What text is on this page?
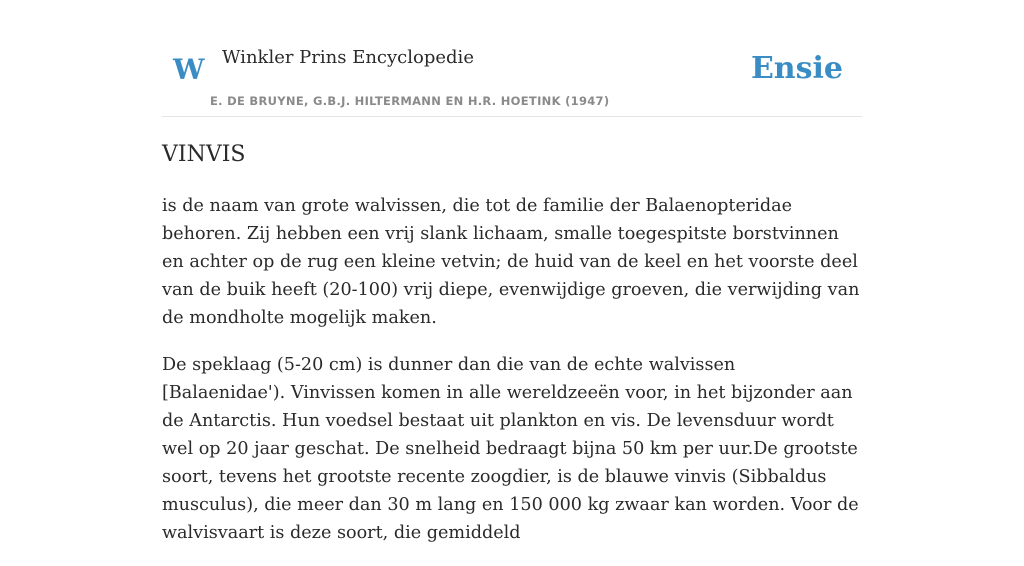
W Winkler Prins Encyclopedie
E. DE BRUYNE, G.B.J. HILTERMANN EN H.R. HOETINK (1947)
Ensie
VINVIS

is de naam van grote walvissen, die tot de familie der Balaenopteridae behoren. Zij hebben een vrij slank lichaam, smalle toegespitste borstvinnen en achter op de rug een kleine vetvin; de huid van de keel en het voorste deel van de buik heeft (20-100) vrij diepe, evenwijdige groeven, die verwijding van de mondholte mogelijk maken.

De speklaag (5-20 cm) is dunner dan die van de echte walvissen [Balaenidae'). Vinvissen komen in alle wereldzeeën voor, in het bijzonder aan de Antarctis. Hun voedsel bestaat uit plankton en vis. De levensduur wordt wel op 20 jaar geschat. De snelheid bedraagt bijna 50 km per uur.De grootste soort, tevens het grootste recente zoogdier, is de blauwe vinvis (Sibbaldus musculus), die meer dan 30 m lang en 150 000 kg zwaar kan worden. Voor de walvisvaart is deze soort, die gemiddeld
